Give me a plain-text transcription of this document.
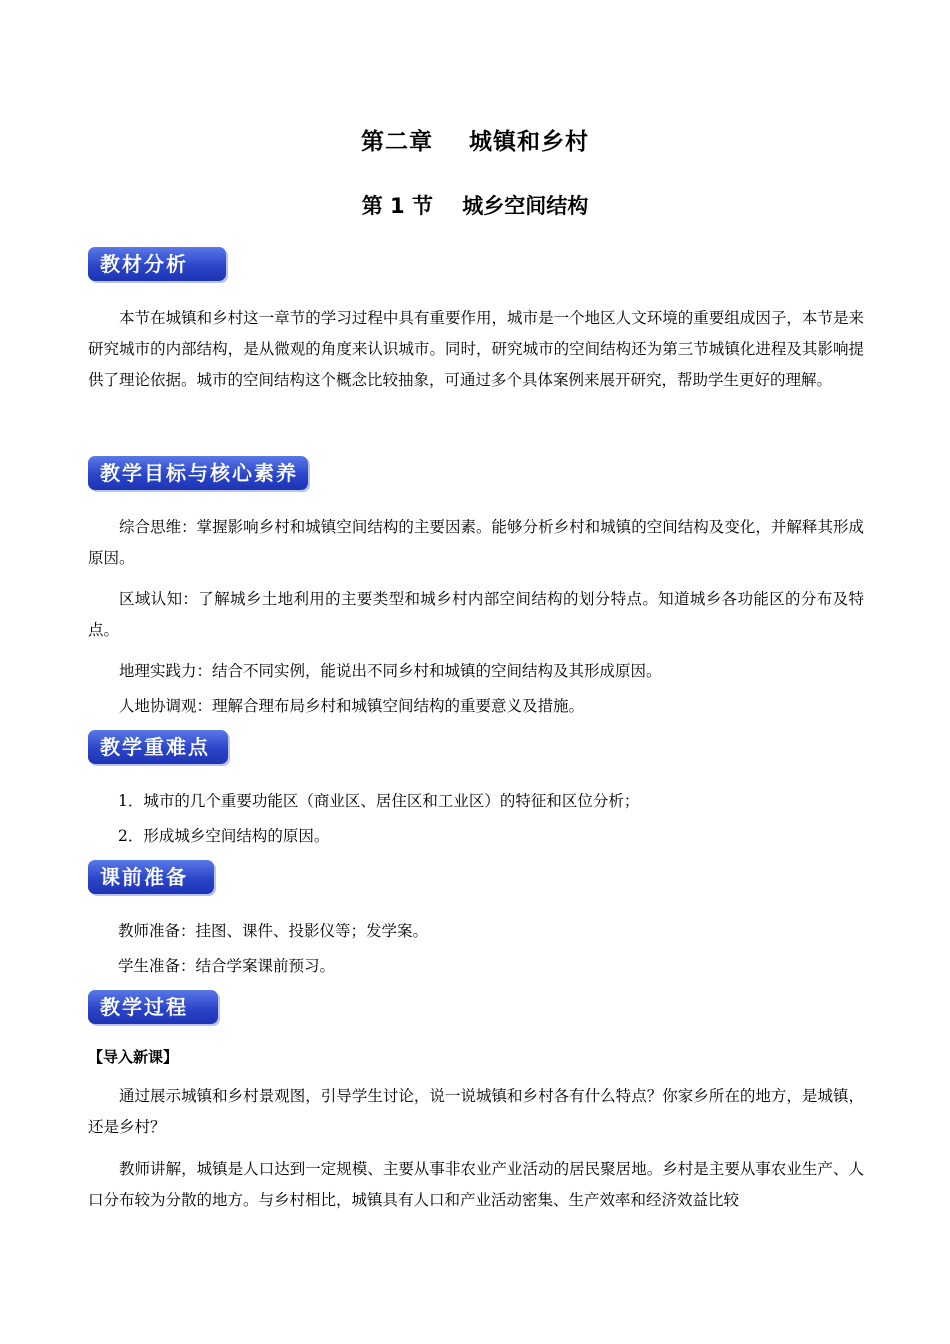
第二章    城镇和乡村
第 1 节    城乡空间结构
教材分析
本节在城镇和乡村这一章节的学习过程中具有重要作用，城市是一个地区人文环境的重要组成因子，本节是来研究城市的内部结构，是从微观的角度来认识城市。同时，研究城市的空间结构还为第三节城镇化进程及其影响提供了理论依据。城市的空间结构这个概念比较抽象，可通过多个具体案例来展开研究，帮助学生更好的理解。
教学目标与核心素养
综合思维：掌握影响乡村和城镇空间结构的主要因素。能够分析乡村和城镇的空间结构及变化，并解释其形成原因。
区域认知：了解城乡土地利用的主要类型和城乡村内部空间结构的划分特点。知道城乡各功能区的分布及特点。
地理实践力：结合不同实例，能说出不同乡村和城镇的空间结构及其形成原因。
人地协调观：理解合理布局乡村和城镇空间结构的重要意义及措施。
教学重难点
1．城市的几个重要功能区（商业区、居住区和工业区）的特征和区位分析；
2．形成城乡空间结构的原因。
课前准备
教师准备：挂图、课件、投影仪等；发学案。
学生准备：结合学案课前预习。
教学过程
【导入新课】
通过展示城镇和乡村景观图，引导学生讨论，说一说城镇和乡村各有什么特点？你家乡所在的地方，是城镇，还是乡村？
教师讲解，城镇是人口达到一定规模、主要从事非农业产业活动的居民聚居地。乡村是主要从事农业生产、人口分布较为分散的地方。与乡村相比，城镇具有人口和产业活动密集、生产效率和经济效益比较
